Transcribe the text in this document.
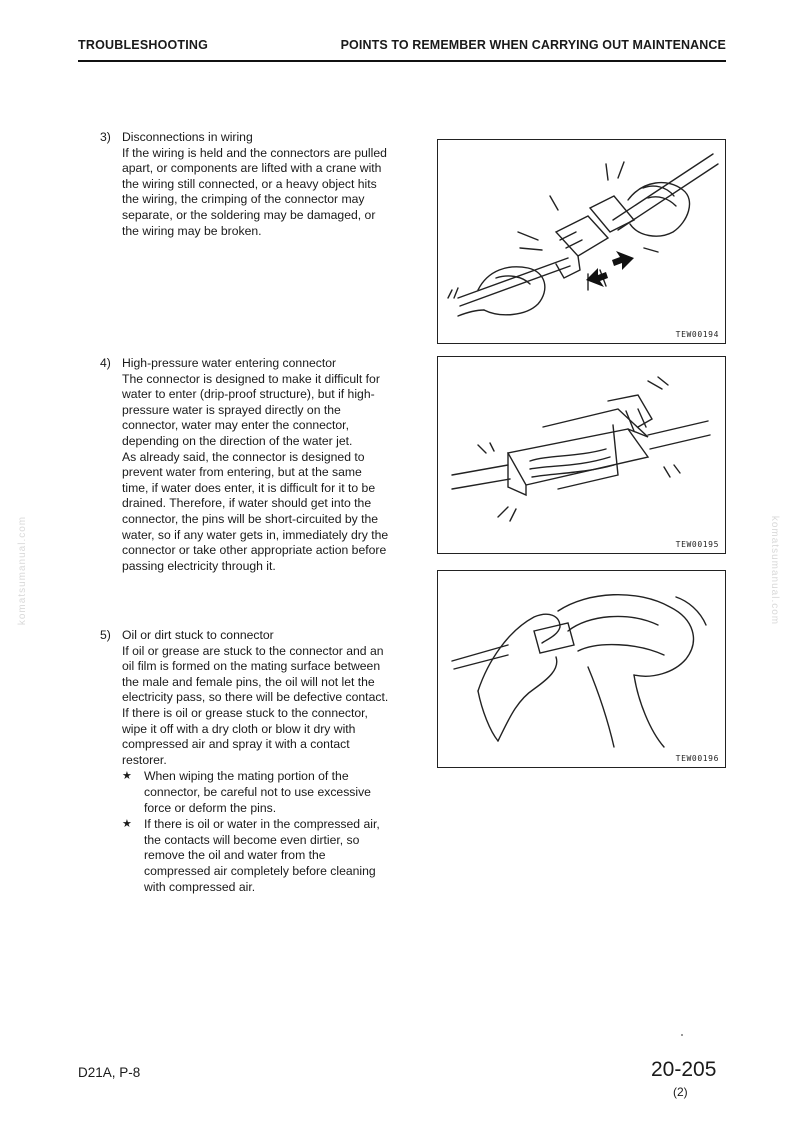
TROUBLESHOOTING	POINTS TO REMEMBER WHEN CARRYING OUT MAINTENANCE
3) Disconnections in wiring
If the wiring is held and the connectors are pulled apart, or components are lifted with a crane with the wiring still connected, or a heavy object hits the wiring, the crimping of the connector may separate, or the soldering may be damaged, or the wiring may be broken.
4) High-pressure water entering connector
The connector is designed to make it difficult for water to enter (drip-proof structure), but if high-pressure water is sprayed directly on the connector, water may enter the connector, depending on the direction of the water jet.
As already said, the connector is designed to prevent water from entering, but at the same time, if water does enter, it is difficult for it to be drained. Therefore, if water should get into the connector, the pins will be short-circuited by the water, so if any water gets in, immediately dry the connector or take other appropriate action before passing electricity through it.
5) Oil or dirt stuck to connector
If oil or grease are stuck to the connector and an oil film is formed on the mating surface between the male and female pins, the oil will not let the electricity pass, so there will be defective contact.
If there is oil or grease stuck to the connector, wipe it off with a dry cloth or blow it dry with compressed air and spray it with a contact restorer.
★ When wiping the mating portion of the connector, be careful not to use excessive force or deform the pins.
★ If there is oil or water in the compressed air, the contacts will become even dirtier, so remove the oil and water from the compressed air completely before cleaning with compressed air.
TEW00194
TEW00195
TEW00196
komatsumanual.com	komatsumanual.com
D21A, P-8	20-205
(2)
